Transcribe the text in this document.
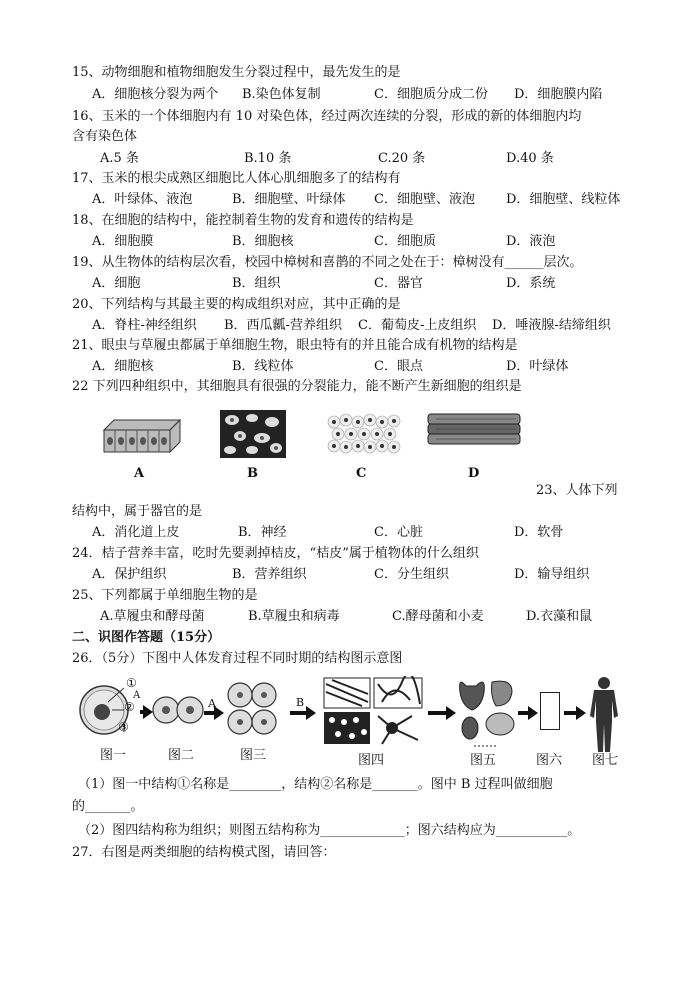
15、动物细胞和植物细胞发生分裂过程中，最先发生的是
A．细胞核分裂为两个 B.染色体复制	C．细胞质分成二份 D．细胞膜内陷
16、玉米的一个体细胞内有 10 对染色体，经过两次连续的分裂，形成的新的体细胞内均
含有染色体
A.5 条	B.10 条	C.20 条	D.40 条
17、玉米的根尖成熟区细胞比人体心肌细胞多了的结构有
A．叶绿体、液泡	B．细胞壁、叶绿体 C．细胞壁、液泡 D．细胞壁、线粒体
18、在细胞的结构中，能控制着生物的发育和遗传的结构是
A．细胞膜	B．细胞核	C．细胞质	D．液泡
19、从生物体的结构层次看，校园中樟树和喜鹊的不同之处在于：樟树没有______层次。
A．细胞	B．组织	C．器官	D．系统
20、下列结构与其最主要的构成组织对应，其中正确的是
A．脊柱-神经组织 B．西瓜瓤-营养组织 C．葡萄皮-上皮组织 D．唾液腺-结缔组织
21、眼虫与草履虫都属于单细胞生物，眼虫特有的并且能合成有机物的结构是
A．细胞核	B．线粒体	C．眼点	D．叶绿体
22 下列四种组织中，其细胞具有很强的分裂能力，能不断产生新细胞的组织是
A	B	C	D
23、人体下列
结构中，属于器官的是
A．消化道上皮	B．神经	C．心脏	D．软骨
24．桔子营养丰富，吃时先要剥掉桔皮，“桔皮”属于植物体的什么组织
A．保护组织	B．营养组织	C．分生组织	D．输导组织
25、下列都属于单细胞生物的是
A.草履虫和酵母菌	B.草履虫和病毒	C.酵母菌和小麦	D.衣藻和鼠
二、识图作答题（15分）
26．（5分）下图中人体发育过程不同时期的结构图示意图
①
②
③
A
A	B
图一	图二	图三	图四	图五	图六 图七
（1）图一中结构①名称是________，结构②名称是_______。图中 B 过程叫做细胞
的_______。
（2）图四结构称为组织；则图五结构称为_____________；图六结构应为___________。
27．右图是两类细胞的结构模式图，请回答：
